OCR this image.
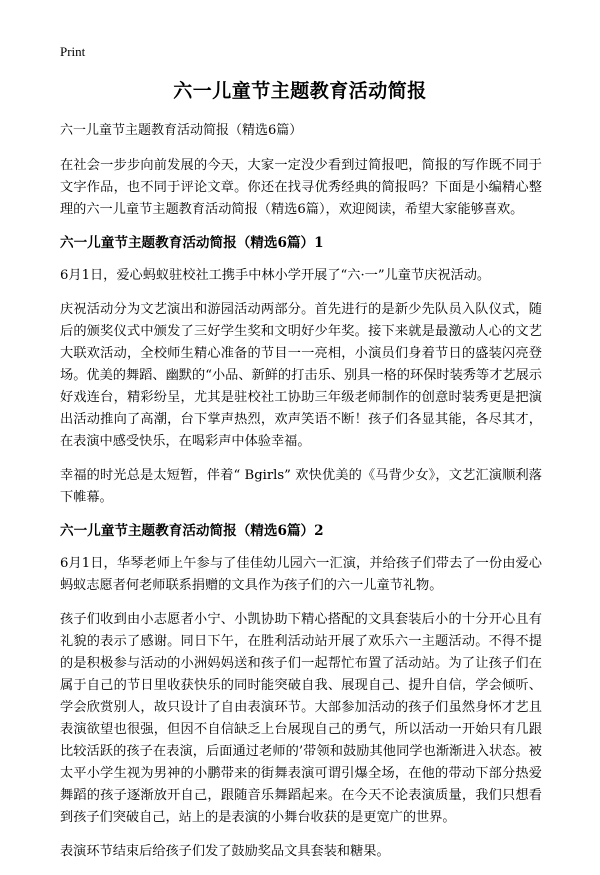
Print
六一儿童节主题教育活动简报
六一儿童节主题教育活动简报（精选6篇）

在社会一步步向前发展的今天，大家一定没少看到过简报吧，简报的写作既不同于文字作品，也不同于评论文章。你还在找寻优秀经典的简报吗？下面是小编精心整理的六一儿童节主题教育活动简报（精选6篇），欢迎阅读，希望大家能够喜欢。

六一儿童节主题教育活动简报（精选6篇）1

6月1日，爱心蚂蚁驻校社工携手中林小学开展了“六·一”儿童节庆祝活动。

庆祝活动分为文艺演出和游园活动两部分。首先进行的是新少先队员入队仪式，随后的颁奖仪式中颁发了三好学生奖和文明好少年奖。接下来就是最激动人心的文艺大联欢活动，全校师生精心准备的节目一一亮相，小演员们身着节日的盛装闪亮登场。优美的舞蹈、幽默的“小品、新鲜的打击乐、别具一格的环保时装秀等才艺展示好戏连台，精彩纷呈，尤其是驻校社工协助三年级老师制作的创意时装秀更是把演出活动推向了高潮，台下掌声热烈，欢声笑语不断！孩子们各显其能，各尽其才，在表演中感受快乐，在喝彩声中体验幸福。

幸福的时光总是太短暂，伴着“ Bgirls” 欢快优美的《马背少女》，文艺汇演顺利落下帷幕。

六一儿童节主题教育活动简报（精选6篇）2

6月1日，华琴老师上午参与了佳佳幼儿园六一汇演，并给孩子们带去了一份由爱心蚂蚁志愿者何老师联系捐赠的文具作为孩子们的六一儿童节礼物。

孩子们收到由小志愿者小宁、小凯协助下精心搭配的文具套装后小的十分开心且有礼貌的表示了感谢。同日下午，在胜利活动站开展了欢乐六一主题活动。不得不提的是积极参与活动的小洲妈妈送和孩子们一起帮忙布置了活动站。为了让孩子们在属于自己的节日里收获快乐的同时能突破自我、展现自己、提升自信，学会倾听、学会欣赏别人，故只设计了自由表演环节。大部参加活动的孩子们虽然身怀才艺且表演欲望也很强，但因不自信缺乏上台展现自己的勇气，所以活动一开始只有几跟比较活跃的孩子在表演，后面通过老师的’带领和鼓励其他同学也渐渐进入状态。被太平小学生视为男神的小鹏带来的街舞表演可谓引爆全场，在他的带动下部分热爱舞蹈的孩子逐渐放开自己，跟随音乐舞蹈起来。在今天不论表演质量，我们只想看到孩子们突破自己，站上的是表演的小舞台收获的是更宽广的世界。

表演环节结束后给孩子们发了鼓励奖品文具套装和糖果。
